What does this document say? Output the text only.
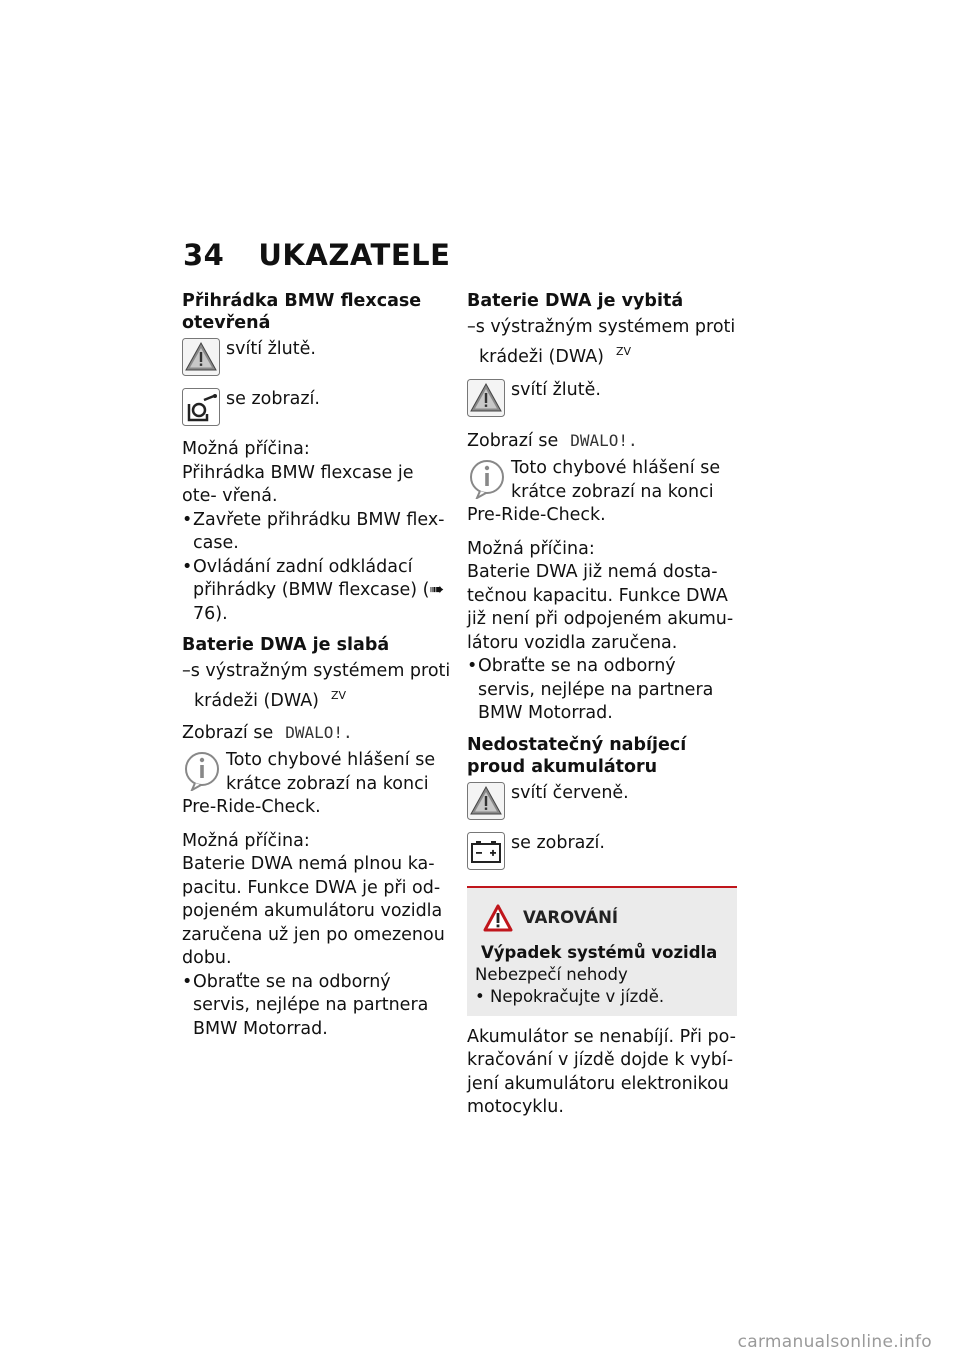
34 UKAZATELE
Přihrádka BMW flexcase otevřená
svítí žlutě.
se zobrazí.

Možná příčina:

Přihrádka BMW flexcase je ote- vřená.

• Zavřete přihrádku BMW flex- case.

• Ovládání zadní odkládací přihrádky (BMW flexcase) (➠ 76).

Baterie DWA je slabá

–s výstražným systémem proti krádeži (DWA) $^{ZV}$

Zobrazí se DWALO!.

Toto chybové hlášení se krátce zobrazí na konci Pre-Ride-Check.

Možná příčina:

Baterie DWA nemá plnou ka- pacitu. Funkce DWA je při od- pojeném akumulátoru vozidla zaručena už jen po omezenou dobu.

• Obraťte se na odborný servis, nejlépe na partnera BMW Motorrad.

Baterie DWA je vybitá

–s výstražným systémem proti krádeži (DWA) $^{ZV}$

svítí žlutě.

Zobrazí se DWALO!.

Toto chybové hlášení se krátce zobrazí na konci Pre-Ride-Check.

Možná příčina:

Baterie DWA již nemá dosta- tečnou kapacitu. Funkce DWA již není při odpojeném akumu- látoru vozidla zaručena.

• Obraťte se na odborný servis, nejlépe na partnera BMW Motorrad.

Nedostatečný nabíjecí proud akumulátoru
svítí červeně.
se zobrazí.
VAROVÁNÍ

Výpadek systémů vozidla

Nebezpečí nehody

• Nepokračujte v jízdě.

Akumulátor se nenabíjí. Při po- kračování v jízdě dojde k vybí- jení akumulátoru elektronikou motocyklu.

carmanualsonline.info
